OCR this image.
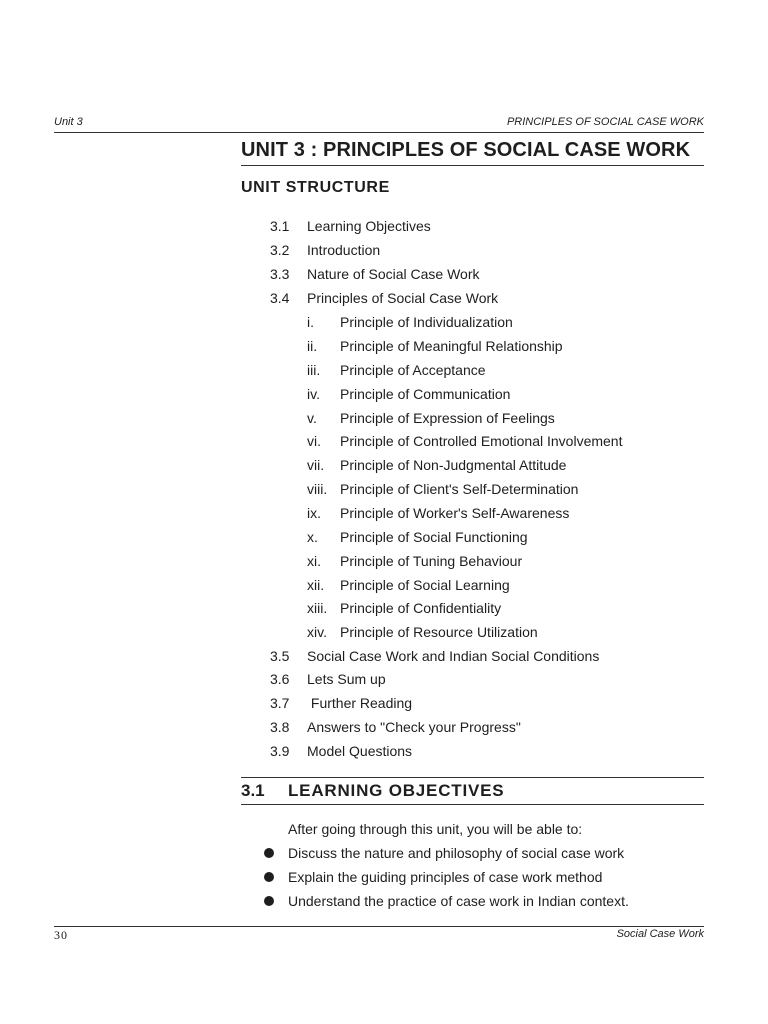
Unit 3	PRINCIPLES OF SOCIAL CASE WORK
UNIT 3 : PRINCIPLES OF SOCIAL CASE WORK
UNIT STRUCTURE
3.1 Learning Objectives
3.2 Introduction
3.3 Nature of Social Case Work
3.4 Principles of Social Case Work
i. Principle of Individualization
ii. Principle of Meaningful Relationship
iii. Principle of Acceptance
iv. Principle of Communication
v. Principle of Expression of Feelings
vi. Principle of Controlled Emotional Involvement
vii. Principle of Non-Judgmental Attitude
viii. Principle of Client's Self-Determination
ix. Principle of Worker's Self-Awareness
x. Principle of Social Functioning
xi. Principle of Tuning Behaviour
xii. Principle of Social Learning
xiii. Principle of Confidentiality
xiv. Principle of Resource Utilization
3.5 Social Case Work and Indian Social Conditions
3.6 Lets Sum up
3.7 Further Reading
3.8 Answers to "Check your Progress"
3.9 Model Questions
3.1 LEARNING OBJECTIVES
After going through this unit, you will be able to:
Discuss the nature and philosophy of social case work
Explain the guiding principles of case work method
Understand the practice of case work in Indian context.
30	Social Case Work
